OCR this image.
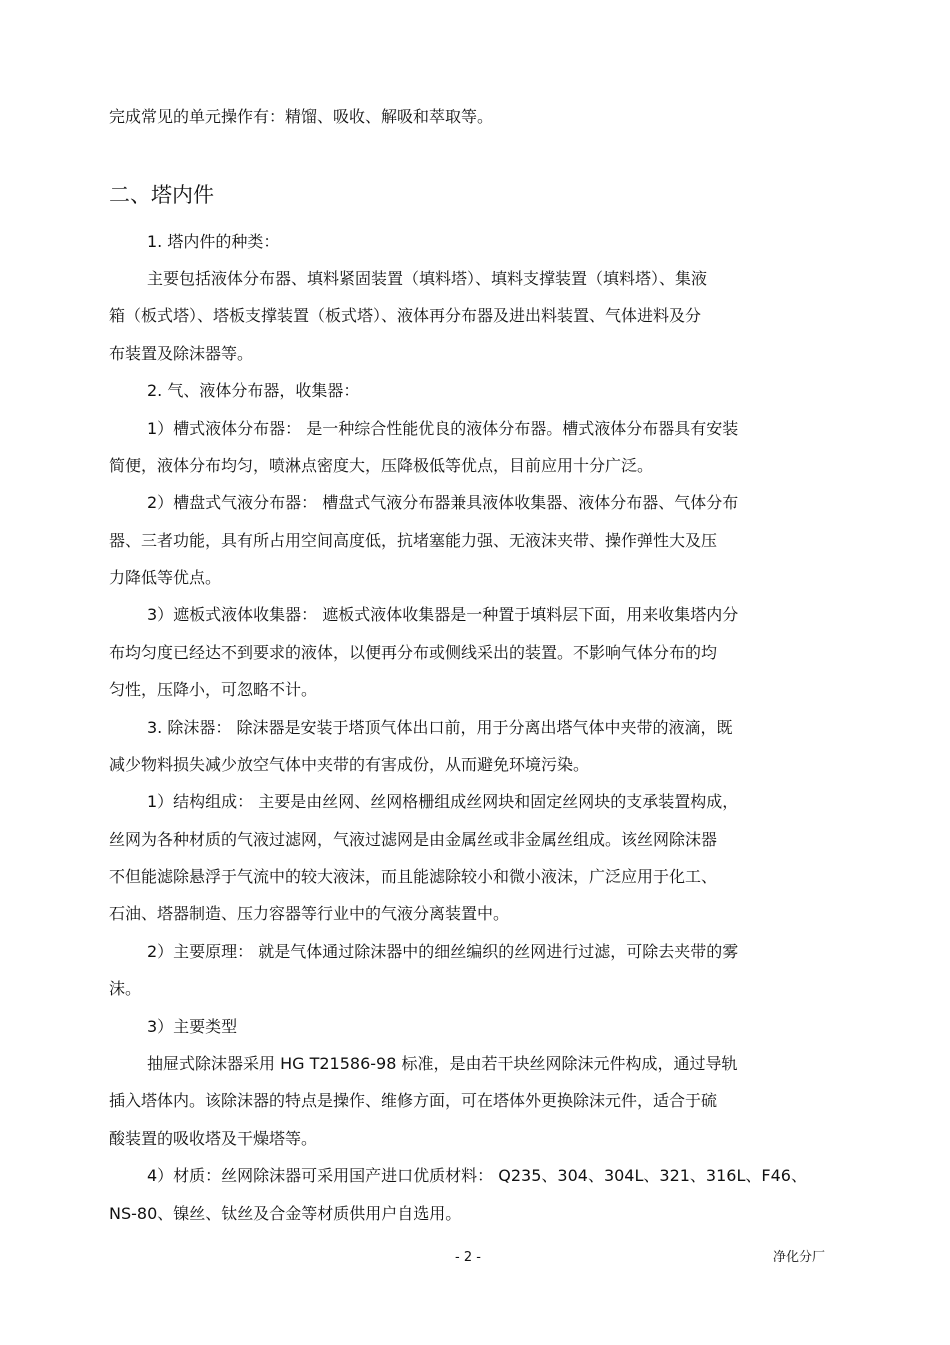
完成常见的单元操作有：精馏、吸收、解吸和萃取等。
二、塔内件
1. 塔内件的种类：
主要包括液体分布器、填料紧固装置（填料塔）、填料支撑装置（填料塔）、集液
箱（板式塔）、塔板支撑装置（板式塔）、液体再分布器及进出料装置、气体进料及分
布装置及除沫器等。
2. 气、液体分布器，收集器：
1）槽式液体分布器： 是一种综合性能优良的液体分布器。槽式液体分布器具有安装
简便，液体分布均匀，喷淋点密度大，压降极低等优点，目前应用十分广泛。
2）槽盘式气液分布器： 槽盘式气液分布器兼具液体收集器、液体分布器、气体分布
器、三者功能，具有所占用空间高度低，抗堵塞能力强、无液沫夹带、操作弹性大及压
力降低等优点。
3）遮板式液体收集器： 遮板式液体收集器是一种置于填料层下面，用来收集塔内分
布均匀度已经达不到要求的液体，以便再分布或侧线采出的装置。不影响气体分布的均
匀性，压降小，可忽略不计。
3. 除沫器： 除沫器是安装于塔顶气体出口前，用于分离出塔气体中夹带的液滴，既
减少物料损失减少放空气体中夹带的有害成份，从而避免环境污染。
1）结构组成： 主要是由丝网、丝网格栅组成丝网块和固定丝网块的支承装置构成，
丝网为各种材质的气液过滤网，气液过滤网是由金属丝或非金属丝组成。该丝网除沫器
不但能滤除悬浮于气流中的较大液沫，而且能滤除较小和微小液沫，广泛应用于化工、
石油、塔器制造、压力容器等行业中的气液分离装置中。
2）主要原理： 就是气体通过除沫器中的细丝编织的丝网进行过滤，可除去夹带的雾
沫。
3）主要类型
抽屉式除沫器采用 HG T21586-98 标准，是由若干块丝网除沫元件构成，通过导轨
插入塔体内。该除沫器的特点是操作、维修方面，可在塔体外更换除沫元件，适合于硫
酸装置的吸收塔及干燥塔等。
4）材质：丝网除沫器可采用国产进口优质材料： Q235、304、304L、321、316L、F46、
NS-80、镍丝、钛丝及合金等材质供用户自选用。
- 2 -	净化分厂
